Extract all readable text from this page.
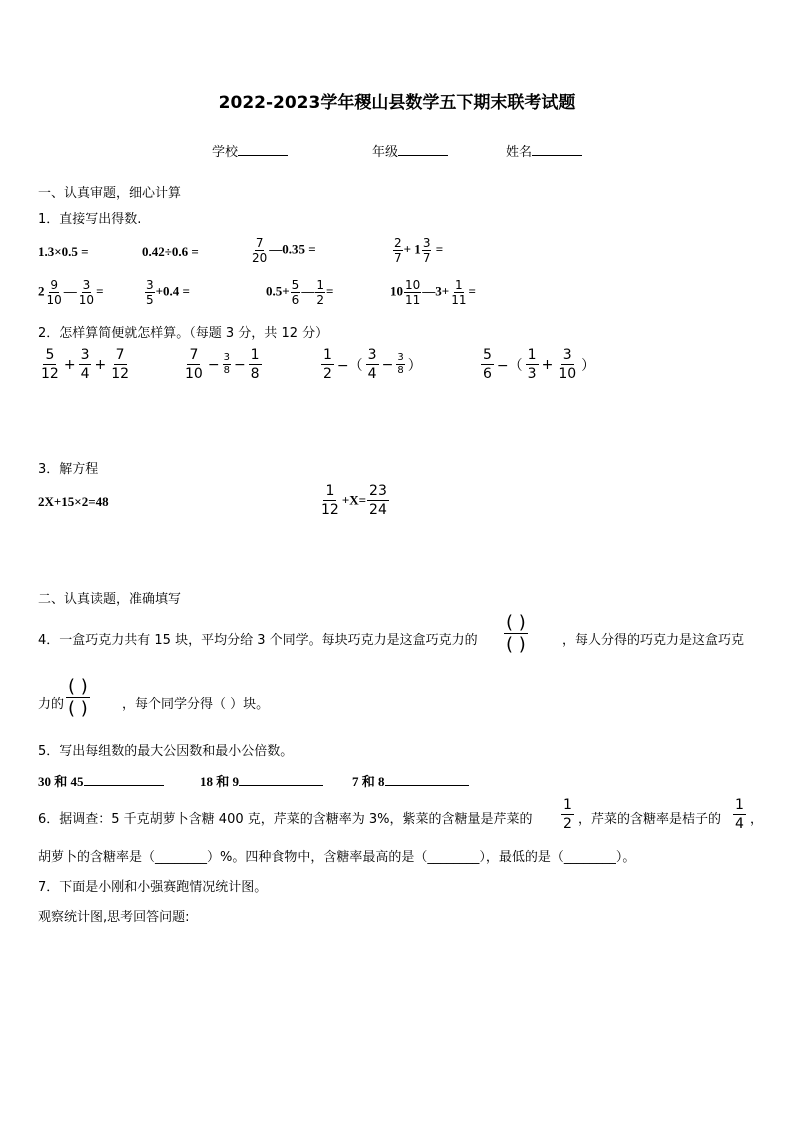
2022-2023学年稷山县数学五下期末联考试题
学校	年级	姓名
一、认真审题，细心计算
1．直接写出得数.
1.3×0.5 =	0.42÷0.6 =	$\frac{7}{20}$ —0.35 =	$\frac{2}{7} + 1 \frac{3}{7}$ =
$2 \frac{9}{10}$ — $\frac{3}{10}$ =	$\frac{3}{5} +0.4$ =	$0.5+ \frac{5}{6}$ — $\frac{1}{2}$ =	$10 \frac{10}{11}$ —3+ $\frac{1}{11}$ =
2．怎样算简便就怎样算。（每题 3 分，共 12 分）
$\frac{5}{12} + \frac{3}{4} + \frac{7}{12}$	$\frac{7}{10} - \frac{3}{8} - \frac{1}{8}$	$\frac{1}{2}$ −（ $\frac{3}{4} - \frac{3}{8}$ ）	$\frac{5}{6}$ −（ $\frac{1}{3} + \frac{3}{10}$ ）
3．解方程
2X+15×2=48	$\frac{1}{12} +X= \frac{23}{24}$
二、认真读题，准确填写
4．一盒巧克力共有 15 块，平均分给 3 个同学。每块巧克力是这盒巧克力的 $\frac{( )}{( )}$	，每人分得的巧克力是这盒巧克
力的 $\frac{( )}{( )}$ ，每个同学分得（ ）块。
5．写出每组数的最大公因数和最小公倍数。
30 和 45	18 和 9	7 和 8
6．据调查：5 千克胡萝卜含糖 400 克，芹菜的含糖率为 3%，紫菜的含糖量是芹菜的 $\frac{1}{2}$ ，芹菜的含糖率是桔子的 $\frac{1}{4}$ ，
胡萝卜的含糖率是（________）%。四种食物中，含糖率最高的是（________），最低的是（________）。
7．下面是小刚和小强赛跑情况统计图。
观察统计图,思考回答问题:
